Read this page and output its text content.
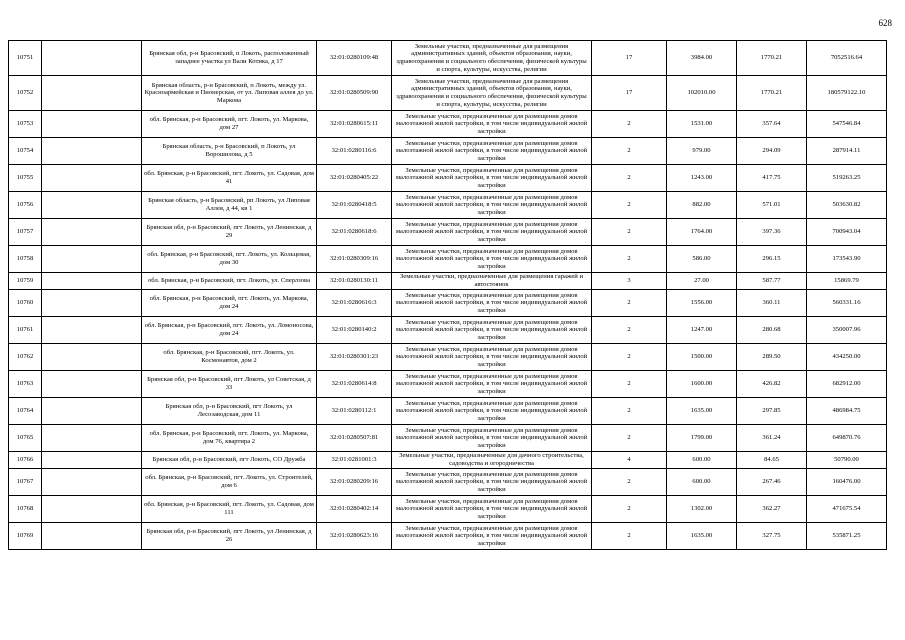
628
10751		Брянская обл, р-н Брасовский, п Локоть, расположенный западнее участка ул Вали Котика, д 17	32:01:0280109:48	Земельные участки, предназначенные для размещения административных зданий, объектов образования, науки, здравоохранения и социального обеспечения, физической культуры и спорта, культуры, искусства, религии	17	3984.00	1770.21	7052516.64
10752		Брянская область, р-н Брасовский, п Локоть, между ул. Красноармейская и Пионерская, от ул. Липовая аллея до ул. Маркова	32:01:0280509:90	Земельные участки, предназначенные для размещения административных зданий, объектов образования, науки, здравоохранения и социального обеспечения, физической культуры и спорта, культуры, искусства, религии	17	102010.00	1770.21	180579122.10
10753		обл. Брянская, р-н Брасовский, пгт. Локоть, ул. Маркова, дом 27	32:01:0280615:11	Земельные участки, предназначенные для размещения домов малоэтажной жилой застройки, в том числе индивидуальной жилой застройки	2	1531.00	357.64	547546.84
10754		Брянская область, р-н Брасовский, п Локоть, ул Ворошилова, д 5	32:01:0280116:6	Земельные участки, предназначенные для размещения домов малоэтажной жилой застройки, в том числе индивидуальной жилой застройки	2	979.00	294.09	287914.11
10755		обл. Брянская, р-н Брасовский, пгт. Локоть, ул. Садовая, дом 41	32:01:0280405:22	Земельные участки, предназначенные для размещения домов малоэтажной жилой застройки, в том числе индивидуальной жилой застройки	2	1243.00	417.75	519263.25
10756		Брянская область, р-н Брасовский, рп Локоть, ул Липовая Аллея, д 44, кв 1	32:01:0280418:5	Земельные участки, предназначенные для размещения домов малоэтажной жилой застройки, в том числе индивидуальной жилой застройки	2	882.00	571.01	503630.82
10757		Брянская обл, р-н Брасовский, пгт Локоть, ул Ленинская, д 29	32:01:0280618:6	Земельные участки, предназначенные для размещения домов малоэтажной жилой застройки, в том числе индивидуальной жилой застройки	2	1764.00	397.36	700943.04
10758		обл. Брянская, р-н Брасовский, пгт. Локоть, ул. Кольцевая, дом 30	32:01:0280309:16	Земельные участки, предназначенные для размещения домов малоэтажной жилой застройки, в том числе индивидуальной жилой застройки	2	586.00	296.15	173543.90
10759		обл. Брянская, р-н Брасовский, пгт. Локоть, ул. Сперлзова	32:01:0280130:11	Земельные участки, предназначенные для размещения гаражей и автостоянок	3	27.00	587.77	15869.79
10760		обл. Брянская, р-н Брасовский, пгт. Локоть, ул. Маркова, дом 24	32:01:0280616:3	Земельные участки, предназначенные для размещения домов малоэтажной жилой застройки, в том числе индивидуальной жилой застройки	2	1556.00	360.11	560331.16
10761		обл. Брянская, р-н Брасовский, пгт. Локоть, ул. Ломоносова, дом 24	32:01:0280140:2	Земельные участки, предназначенные для размещения домов малоэтажной жилой застройки, в том числе индивидуальной жилой застройки	2	1247.00	280.68	350007.96
10762		обл. Брянская, р-н Брасовский, пгт. Локоть, ул. Космонавтов, дом 2	32:01:0280301:23	Земельные участки, предназначенные для размещения домов малоэтажной жилой застройки, в том числе индивидуальной жилой застройки	2	1500.00	289.50	434250.00
10763		Брянская обл, р-н Брасовский, пгт Локоть, ул Советская, д 33	32:01:0280614:8	Земельные участки, предназначенные для размещения домов малоэтажной жилой застройки, в том числе индивидуальной жилой застройки	2	1600.00	426.82	682912.00
10764		Брянская обл, р-н Брасовский, пгт Локоть, ул Лесозаводская, дом 11	32:01:0280112:1	Земельные участки, предназначенные для размещения домов малоэтажной жилой застройки, в том числе индивидуальной жилой застройки	2	1635.00	297.85	486984.75
10765		обл. Брянская, р-н Брасовский, пгт. Локоть, ул. Маркова, дом 76, квартира 2	32:01:0280507:81	Земельные участки, предназначенные для размещения домов малоэтажной жилой застройки, в том числе индивидуальной жилой застройки	2	1799.00	361.24	649870.76
10766		Брянская обл, р-н Брасовский, пгт Локоть, СО Дружба	32:01:0281001:3	Земельные участки, предназначенные для дачного строительства, садоводства и огородничества	4	600.00	84.65	50790.00
10767		обл. Брянская, р-н Брасовский, пгт. Локоть, ул. Строителей, дом 6	32:01:0280209:16	Земельные участки, предназначенные для размещения домов малоэтажной жилой застройки, в том числе индивидуальной жилой застройки	2	600.00	267.46	160476.00
10768		обл. Брянская, р-н Брасовский, пгт. Локоть, ул. Садовая, дом 111	32:01:0280402:14	Земельные участки, предназначенные для размещения домов малоэтажной жилой застройки, в том числе индивидуальной жилой застройки	2	1302.00	362.27	471675.54
10769		Брянская обл, р-н Брасовский, пгт Локоть, ул Ленинская, д 26	32:01:0280623:16	Земельные участки, предназначенные для размещения домов малоэтажной жилой застройки, в том числе индивидуальной жилой застройки	2	1635.00	327.75	535871.25
